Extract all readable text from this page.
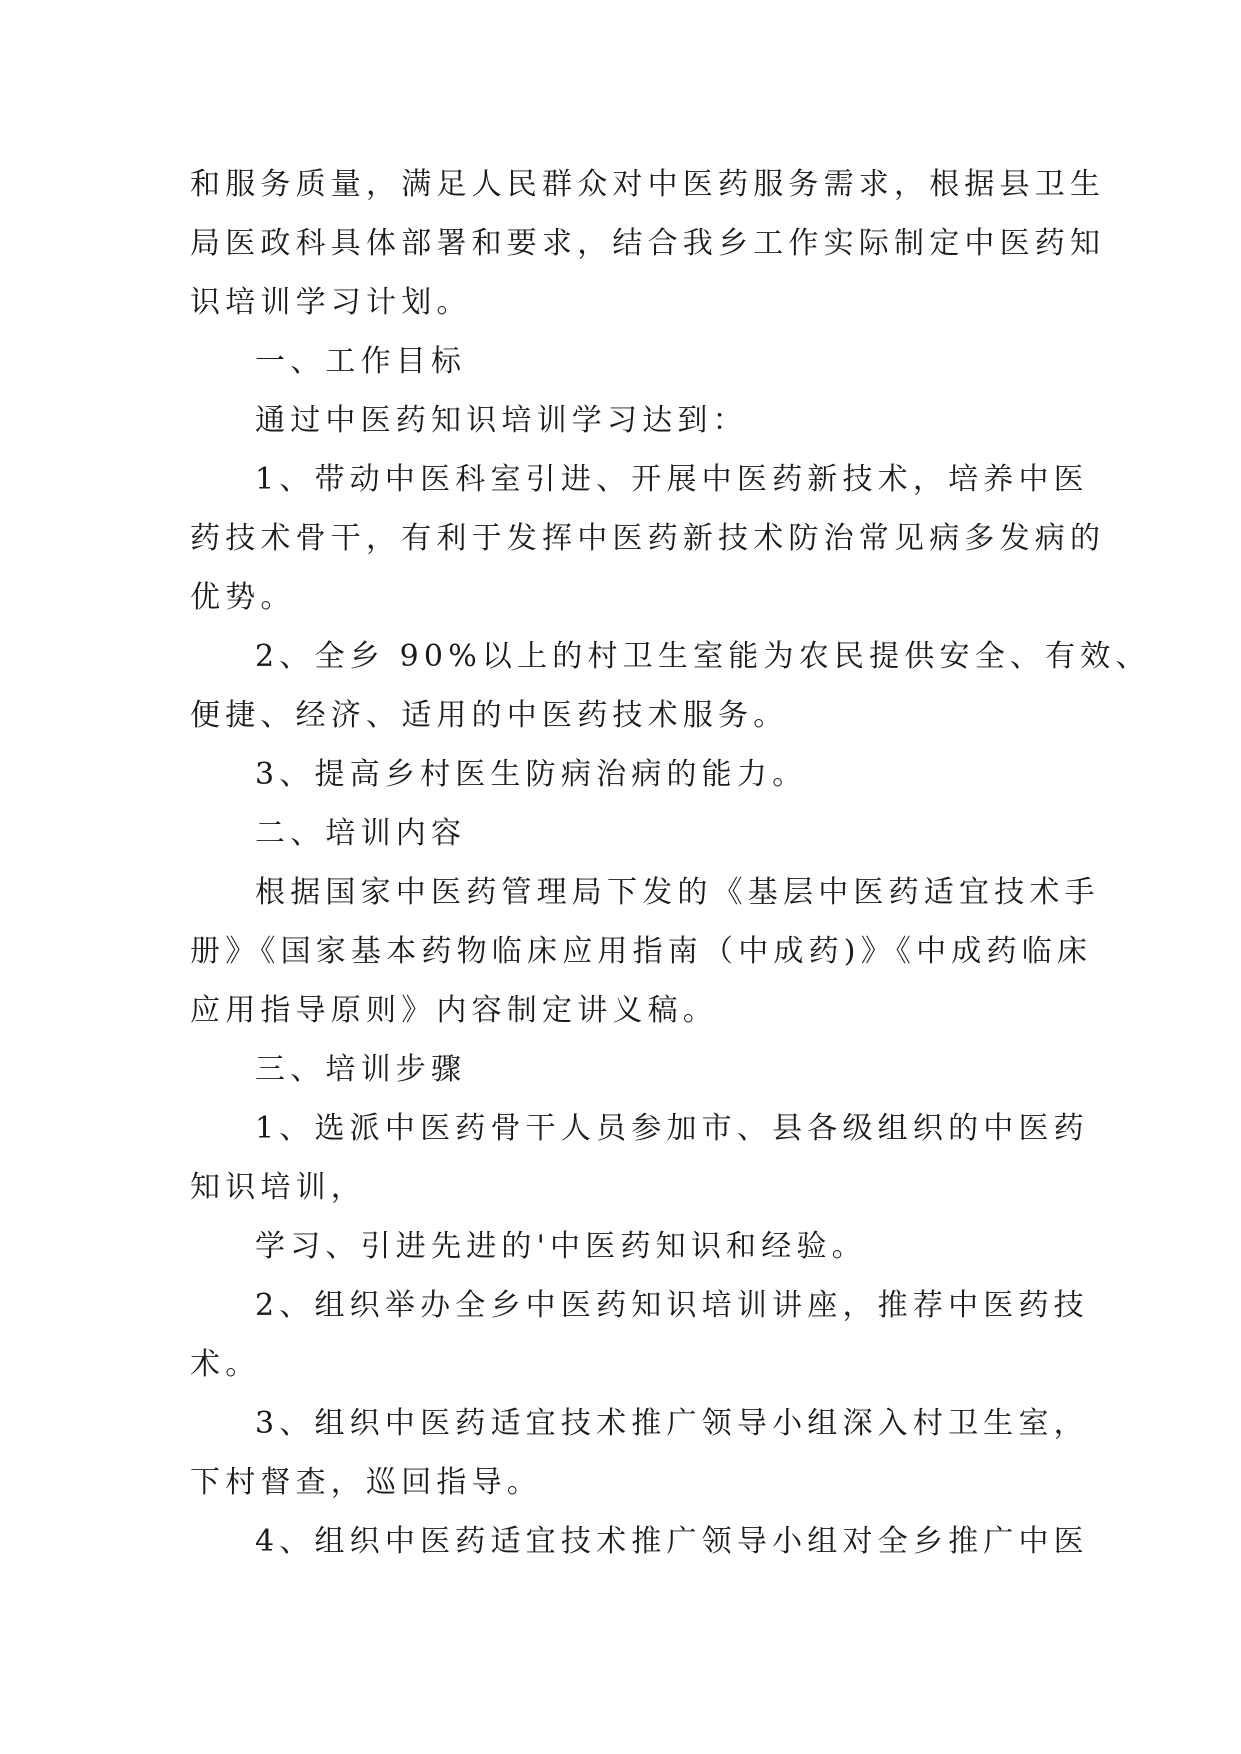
和服务质量，满足人民群众对中医药服务需求，根据县卫生

局医政科具体部署和要求，结合我乡工作实际制定中医药知

识培训学习计划。

一、工作目标

通过中医药知识培训学习达到：

1、带动中医科室引进、开展中医药新技术，培养中医

药技术骨干，有利于发挥中医药新技术防治常见病多发病的

优势。

2、全乡 90%以上的村卫生室能为农民提供安全、有效、

便捷、经济、适用的中医药技术服务。

3、提高乡村医生防病治病的能力。

二、培训内容

根据国家中医药管理局下发的《基层中医药适宜技术手

册》《国家基本药物临床应用指南（中成药)》《中成药临床

应用指导原则》内容制定讲义稿。

三、培训步骤

1、选派中医药骨干人员参加市、县各级组织的中医药

知识培训，

学习、引进先进的'中医药知识和经验。

2、组织举办全乡中医药知识培训讲座，推荐中医药技

术。

3、组织中医药适宜技术推广领导小组深入村卫生室，

下村督查，巡回指导。

4、组织中医药适宜技术推广领导小组对全乡推广中医
